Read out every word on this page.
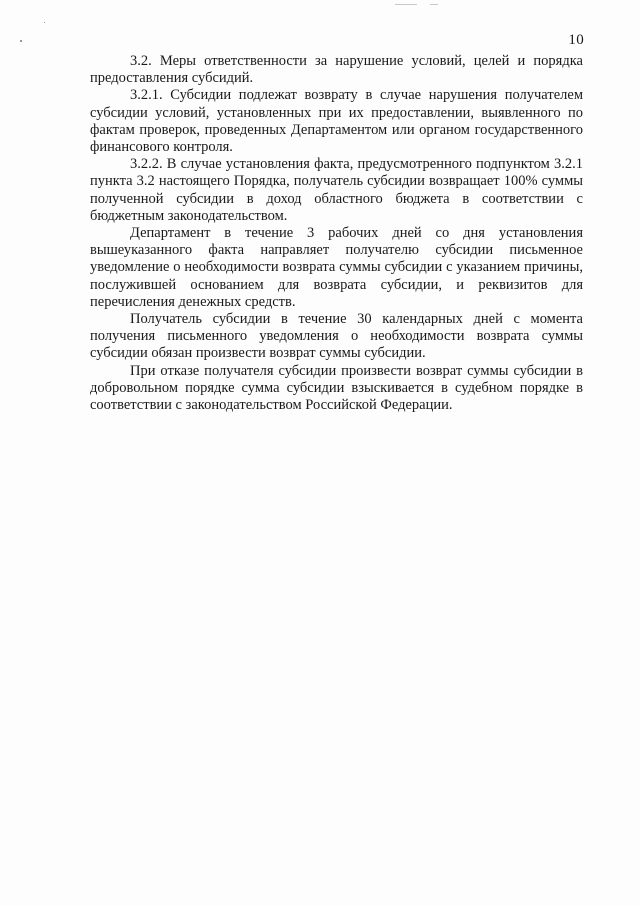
10

3.2. Меры ответственности за нарушение условий, целей и порядка предоставления субсидий.

3.2.1. Субсидии подлежат возврату в случае нарушения получателем субсидии условий, установленных при их предоставлении, выявленного по фактам проверок, проведенных Департаментом или органом государственного финансового контроля.

3.2.2. В случае установления факта, предусмотренного подпунктом 3.2.1 пункта 3.2 настоящего Порядка, получатель субсидии возвращает 100% суммы полученной субсидии в доход областного бюджета в соответствии с бюджетным законодательством.

Департамент в течение 3 рабочих дней со дня установления вышеуказанного факта направляет получателю субсидии письменное уведомление о необходимости возврата суммы субсидии с указанием причины, послужившей основанием для возврата субсидии, и реквизитов для перечисления денежных средств.

Получатель субсидии в течение 30 календарных дней с момента получения письменного уведомления о необходимости возврата суммы субсидии обязан произвести возврат суммы субсидии.

При отказе получателя субсидии произвести возврат суммы субсидии в добровольном порядке сумма субсидии взыскивается в судебном порядке в соответствии с законодательством Российской Федерации.
